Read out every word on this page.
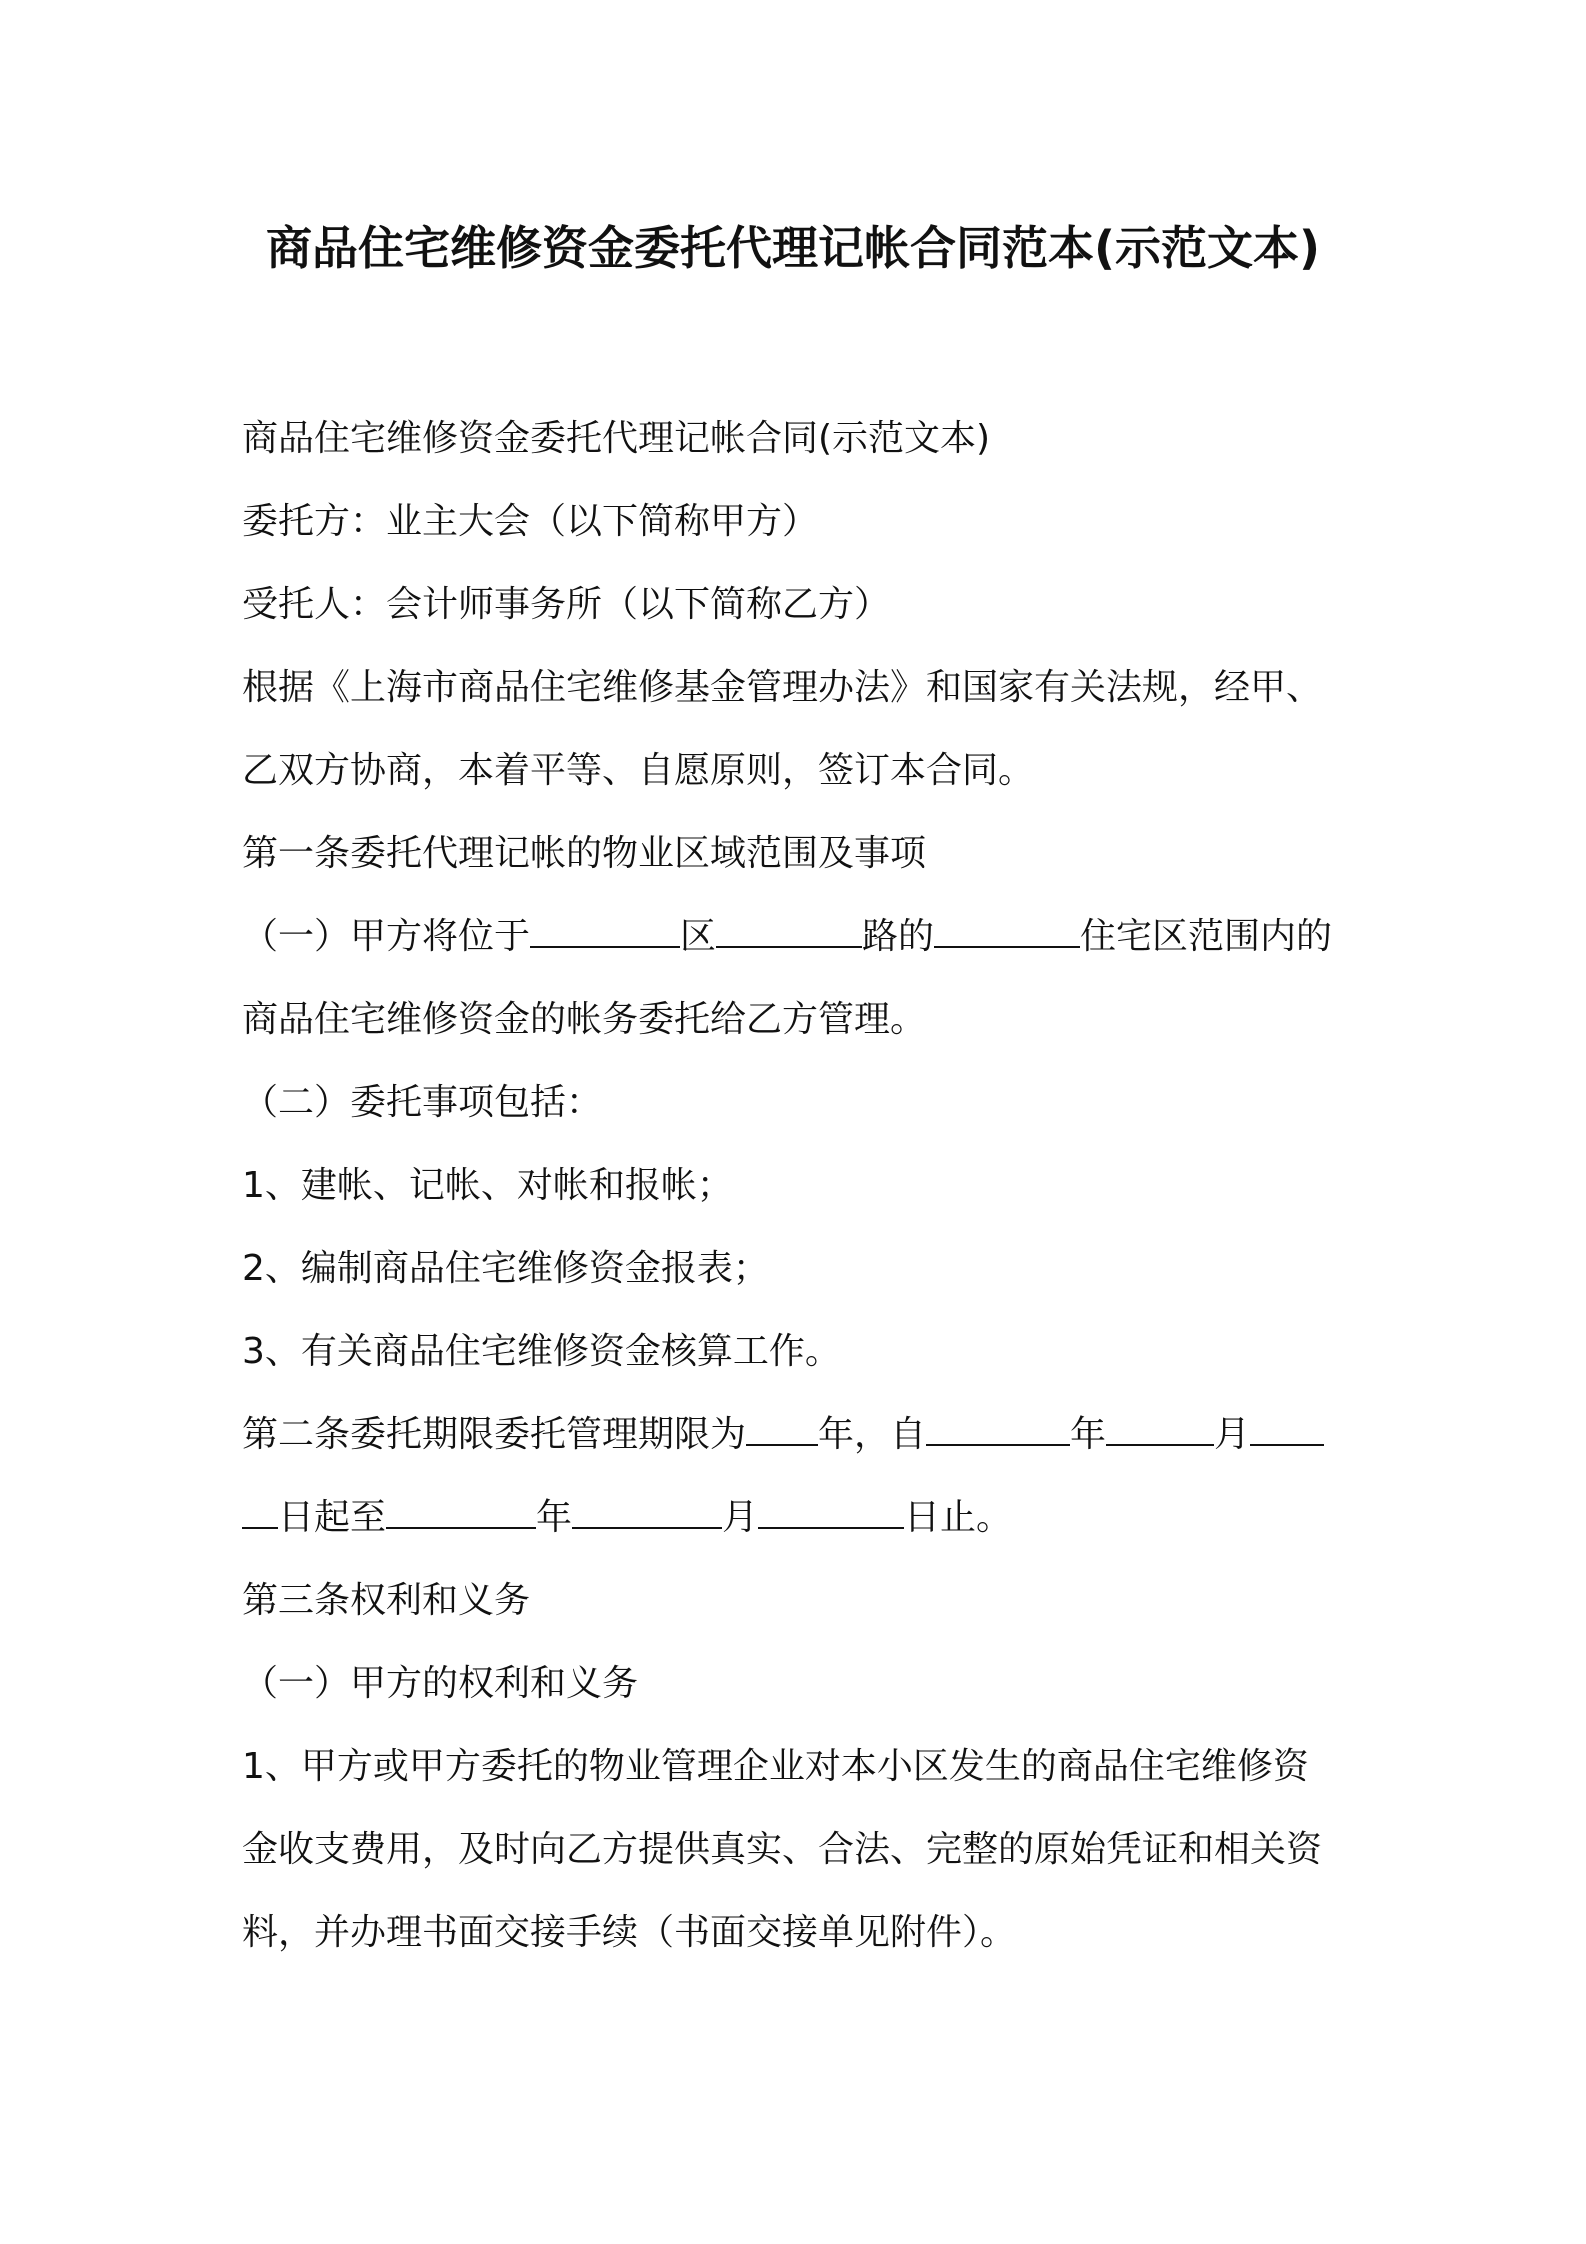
商品住宅维修资金委托代理记帐合同范本(示范文本)
商品住宅维修资金委托代理记帐合同(示范文本)
委托方：业主大会（以下简称甲方）
受托人：会计师事务所（以下简称乙方）
根据《上海市商品住宅维修基金管理办法》和国家有关法规，经甲、
乙双方协商，本着平等、自愿原则，签订本合同。
第一条委托代理记帐的物业区域范围及事项
（一）甲方将位于	区	路的	住宅区范围内的
商品住宅维修资金的帐务委托给乙方管理。
（二）委托事项包括：
1、建帐、记帐、对帐和报帐；
2、编制商品住宅维修资金报表；
3、有关商品住宅维修资金核算工作。
第二条委托期限委托管理期限为 年，自	年	月
日起至	年	月	日止。
第三条权利和义务
（一）甲方的权利和义务
1、甲方或甲方委托的物业管理企业对本小区发生的商品住宅维修资
金收支费用，及时向乙方提供真实、合法、完整的原始凭证和相关资
料，并办理书面交接手续（书面交接单见附件）。
